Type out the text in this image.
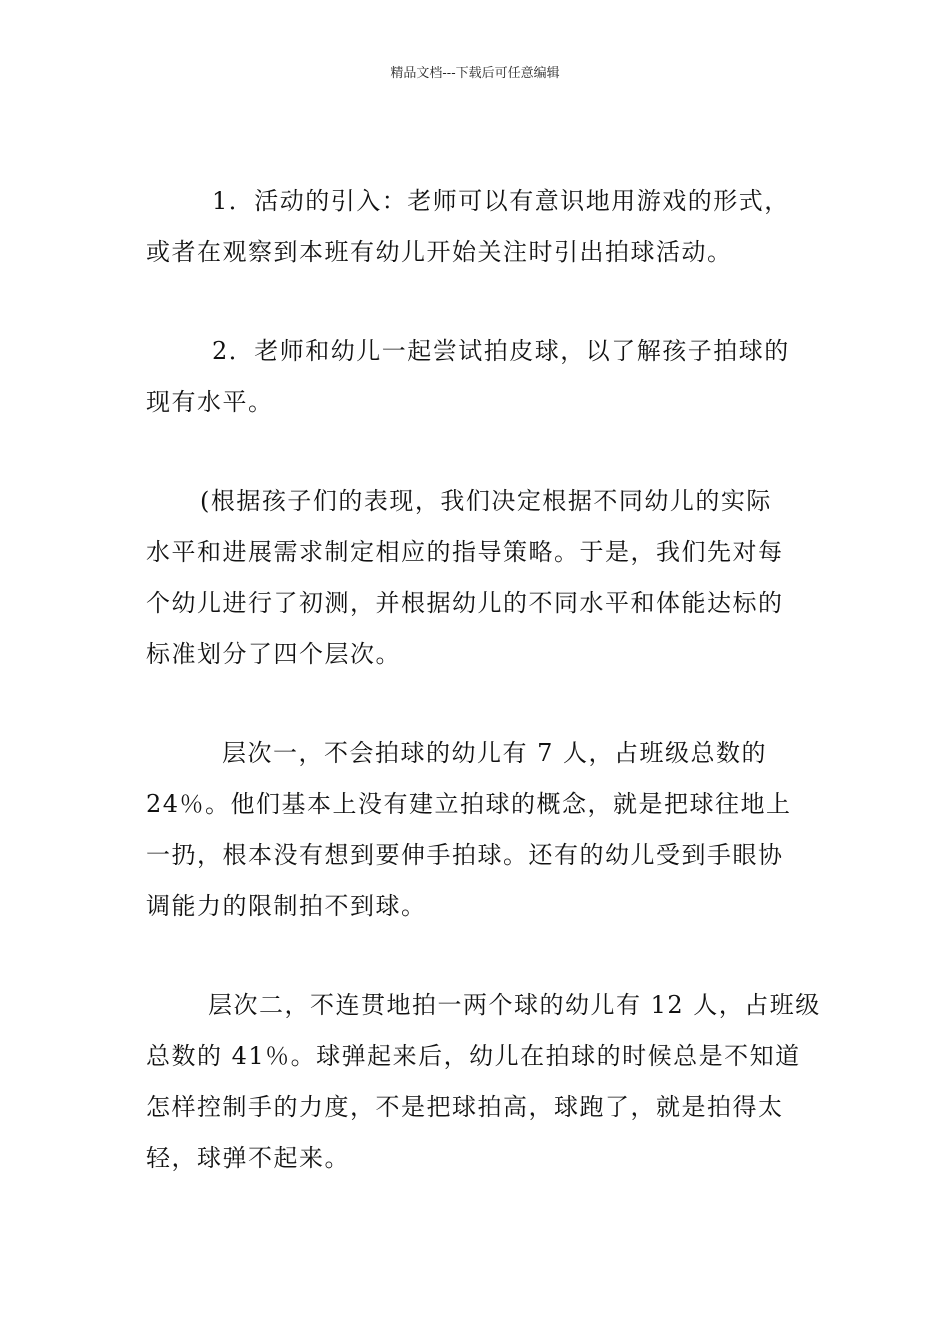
精品文档---下载后可任意编辑

1．活动的引入：老师可以有意识地用游戏的形式，
或者在观察到本班有幼儿开始关注时引出拍球活动。

2．老师和幼儿一起尝试拍皮球，以了解孩子拍球的
现有水平。

(根据孩子们的表现，我们决定根据不同幼儿的实际
水平和进展需求制定相应的指导策略。于是，我们先对每
个幼儿进行了初测，并根据幼儿的不同水平和体能达标的
标准划分了四个层次。

层次一，不会拍球的幼儿有 7 人，占班级总数的
24％。他们基本上没有建立拍球的概念，就是把球往地上
一扔，根本没有想到要伸手拍球。还有的幼儿受到手眼协
调能力的限制拍不到球。

层次二，不连贯地拍一两个球的幼儿有 12 人，占班级
总数的 41％。球弹起来后，幼儿在拍球的时候总是不知道
怎样控制手的力度，不是把球拍高，球跑了，就是拍得太
轻，球弹不起来。
